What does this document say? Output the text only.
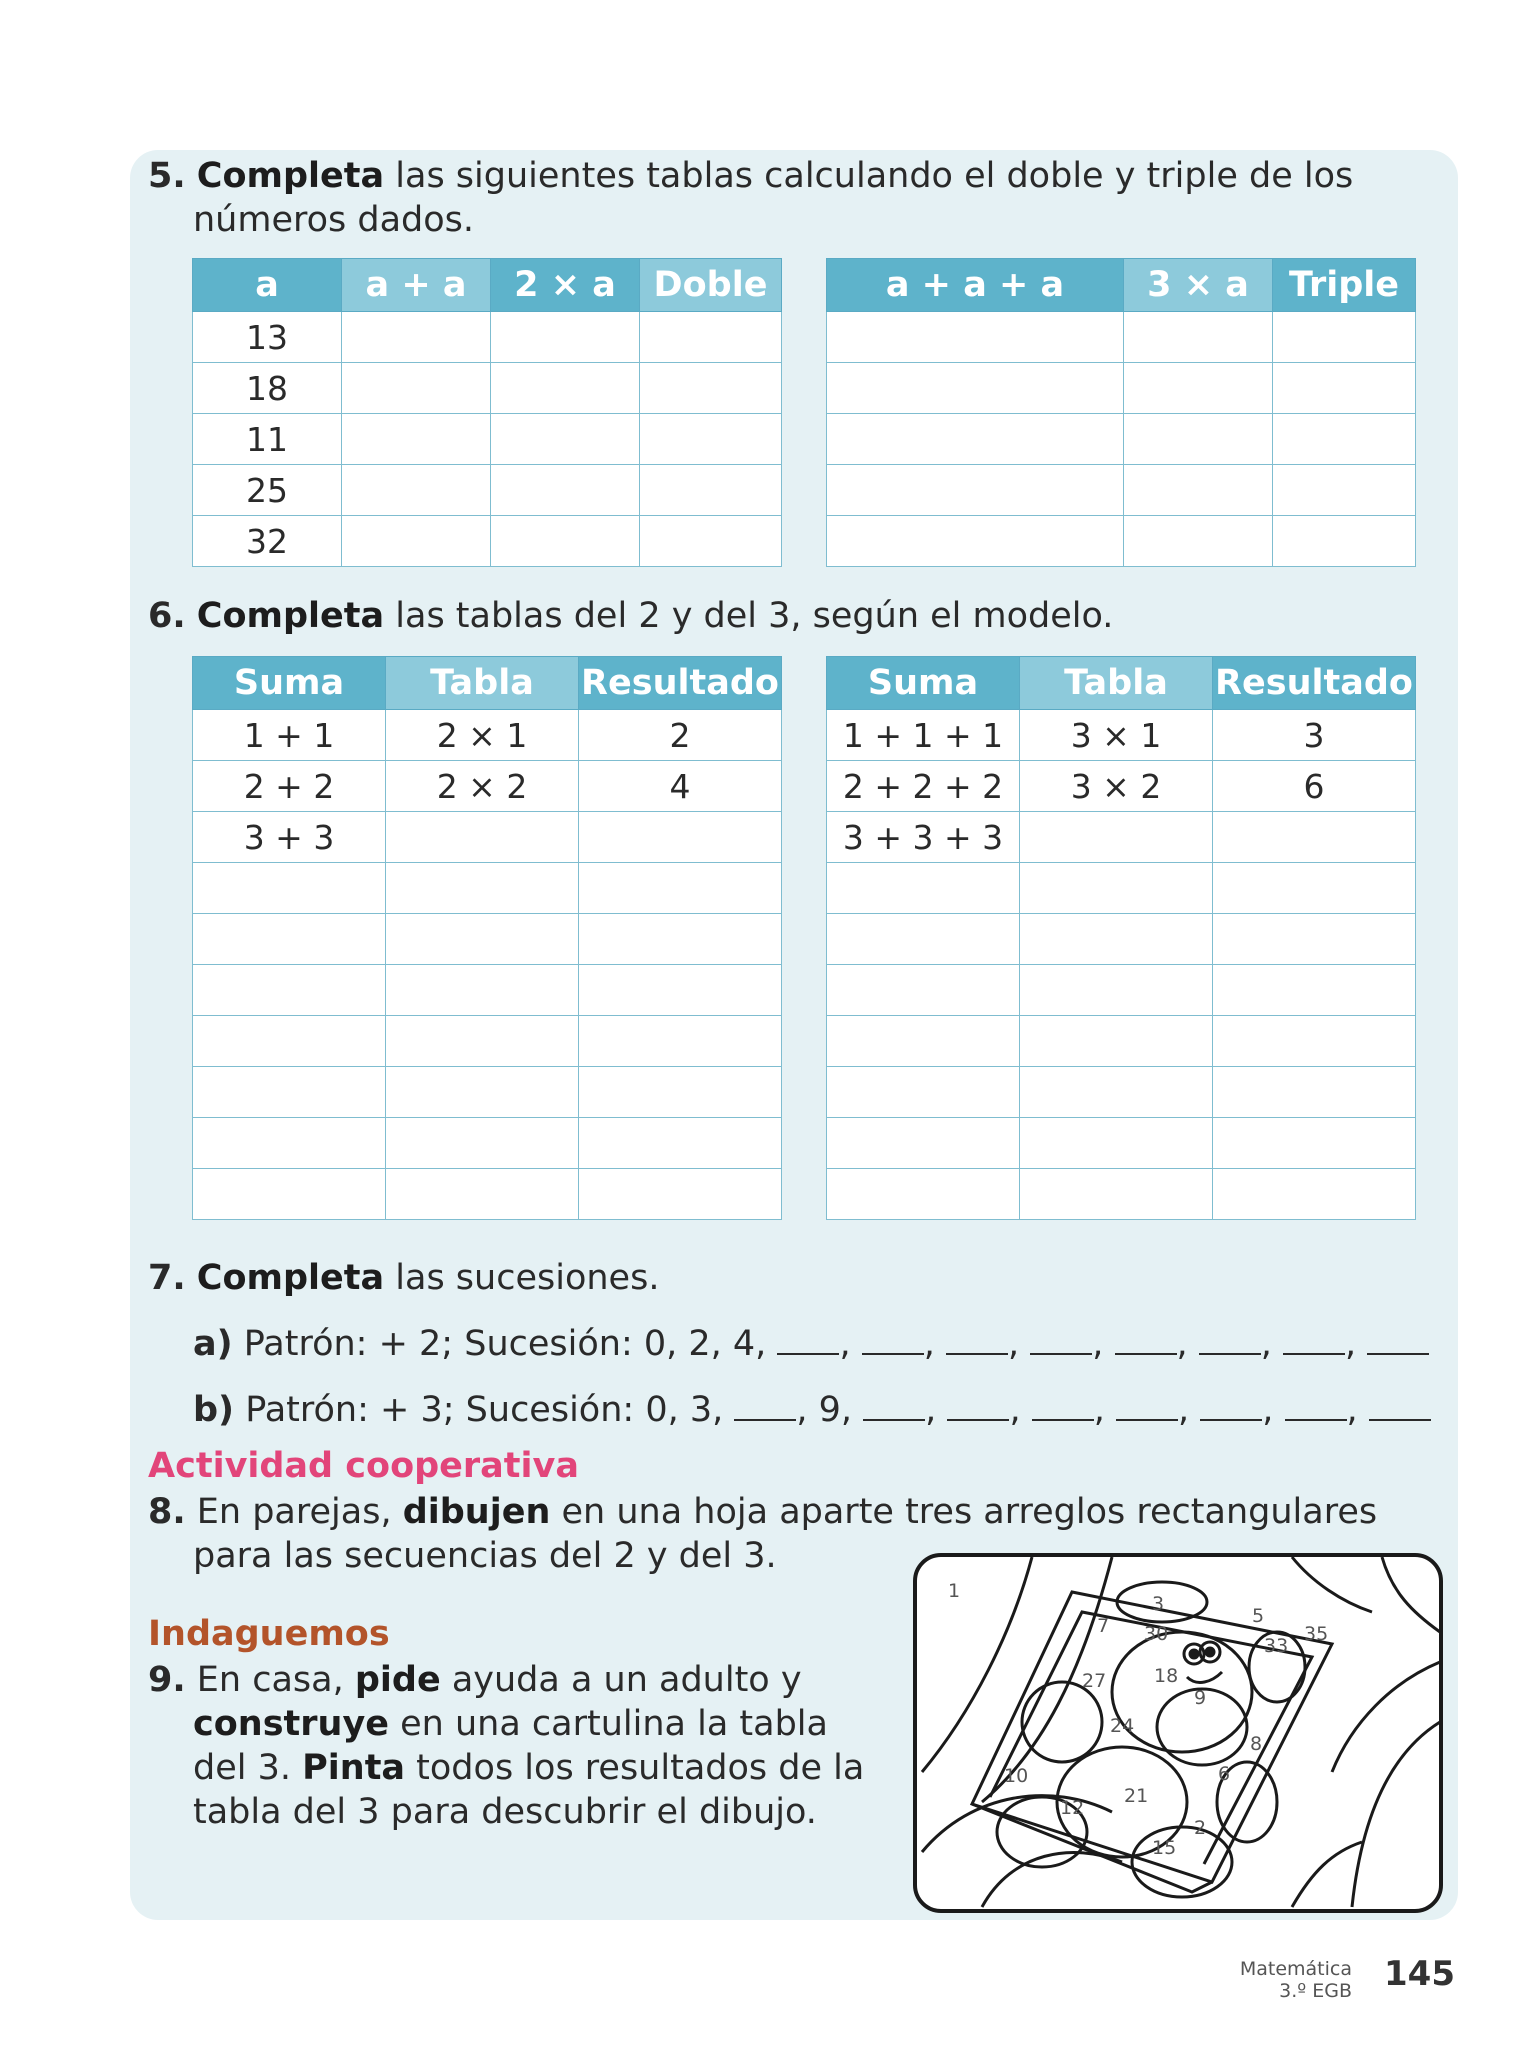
5. Completa las siguientes tablas calculando el doble y triple de los
números dados.
a	a + a	2 × a	Doble
13			
18			
11			
25			
32			
a + a + a	3 × a	Triple

6. Completa las tablas del 2 y del 3, según el modelo.
Suma	Tabla	Resultado
1 + 1	2 × 1	2
2 + 2	2 × 2	4
3 + 3		

Suma	Tabla	Resultado
1 + 1 + 1	3 × 1	3
2 + 2 + 2	3 × 2	6
3 + 3 + 3		

7. Completa las sucesiones.
a) Patrón: + 2; Sucesión: 0, 2, 4, , , , , , , ,
b) Patrón: + 3; Sucesión: 0, 3, , 9, , , , , , ,
Actividad cooperativa
8. En parejas, dibujen en una hoja aparte tres arreglos rectangulares
para las secuencias del 2 y del 3.
Indaguemos
9. En casa, pide ayuda a un adulto y
construye en una cartulina la tabla
del 3. Pinta todos los resultados de la
tabla del 3 para descubrir el dibujo.
1
3
5
7 30
33
35
27	18
9
24
8
10	6
21
12
2
15
Matemática
3.º EGB 145
